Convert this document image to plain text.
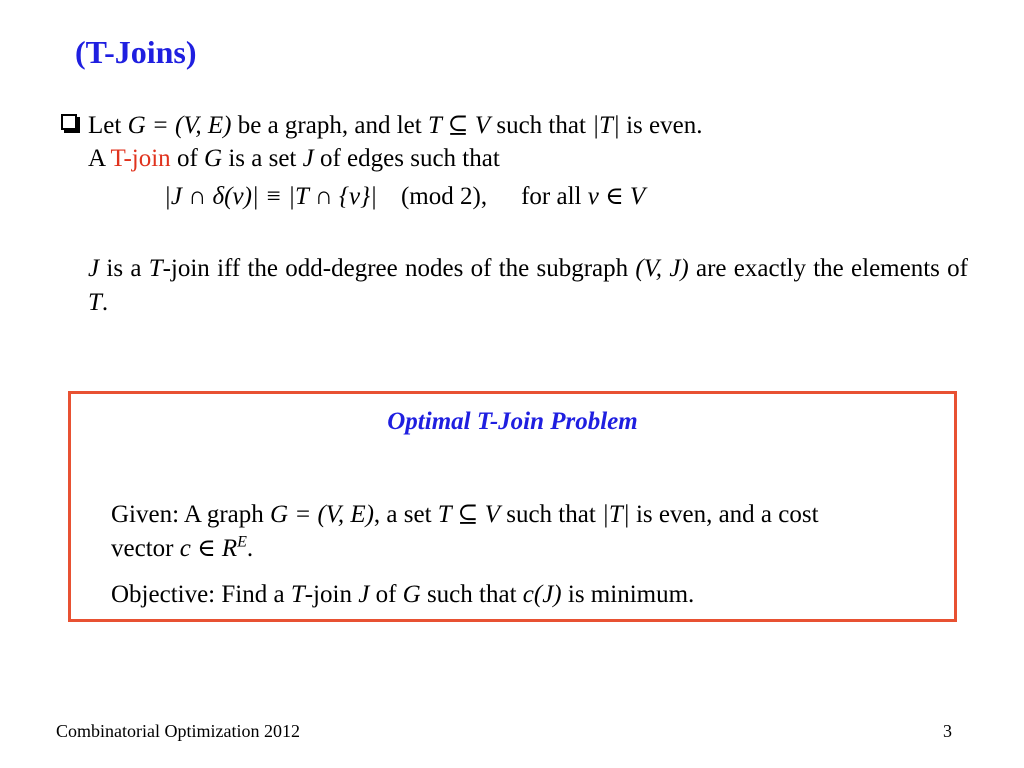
(T-Joins)
Let G = (V, E) be a graph, and let T ⊆ V such that |T| is even.
A T-join of G is a set J of edges such that
|J ∩ δ(v)| ≡ |T ∩ {v}| (mod 2), for all v ∈ V
J is a T-join iff the odd-degree nodes of the subgraph (V, J) are exactly the elements of T.
Optimal T-Join Problem
Given: A graph G = (V, E), a set T ⊆ V such that |T| is even, and a cost
vector c ∈ $R^E$.
Objective: Find a T-join J of G such that c(J) is minimum.
Combinatorial Optimization 2012	3
